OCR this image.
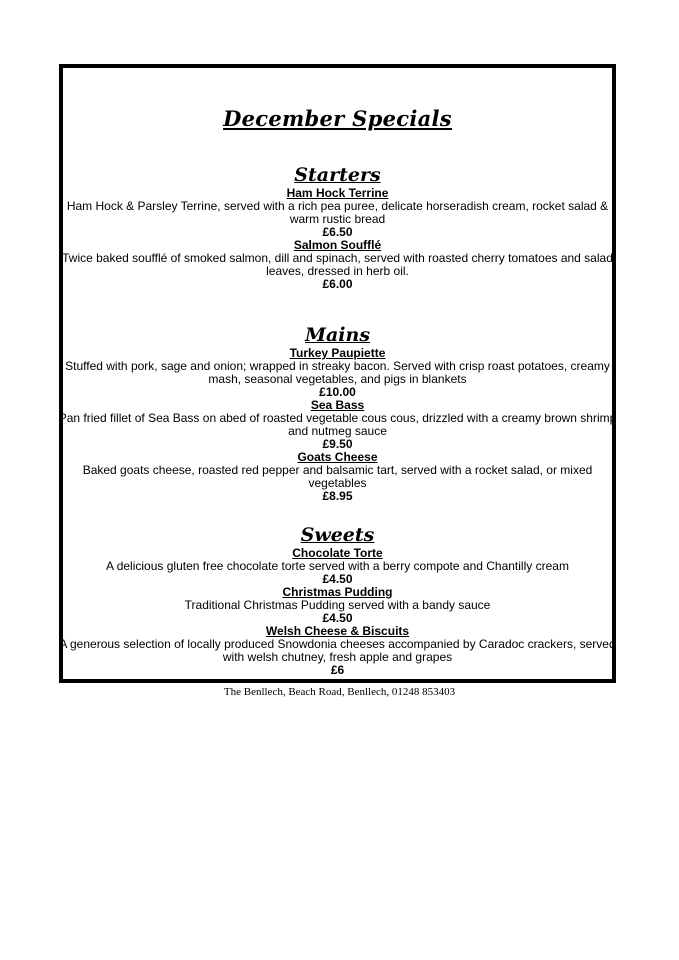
December Specials
Starters
Ham Hock Terrine
Ham Hock & Parsley Terrine, served with a rich pea puree, delicate horseradish cream, rocket salad & warm rustic bread
£6.50
Salmon Soufflé
Twice baked soufflé of smoked salmon, dill and spinach, served with roasted cherry tomatoes and salad leaves, dressed in herb oil.
£6.00
Mains
Turkey Paupiette
Stuffed with pork, sage and onion; wrapped in streaky bacon. Served with crisp roast potatoes, creamy mash, seasonal vegetables, and pigs in blankets
£10.00
Sea Bass
Pan fried fillet of Sea Bass on abed of roasted vegetable cous cous, drizzled with a creamy brown shrimp and nutmeg sauce
£9.50
Goats Cheese
Baked goats cheese, roasted red pepper and balsamic tart, served with a rocket salad, or mixed vegetables
£8.95
Sweets
Chocolate Torte
A delicious gluten free chocolate torte served with a berry compote and Chantilly cream
£4.50
Christmas Pudding
Traditional Christmas Pudding served with a bandy sauce
£4.50
Welsh Cheese & Biscuits
A generous selection of locally produced Snowdonia cheeses accompanied by Caradoc crackers, served with welsh chutney, fresh apple and grapes
£6
The Benllech, Beach Road, Benllech, 01248 853403
